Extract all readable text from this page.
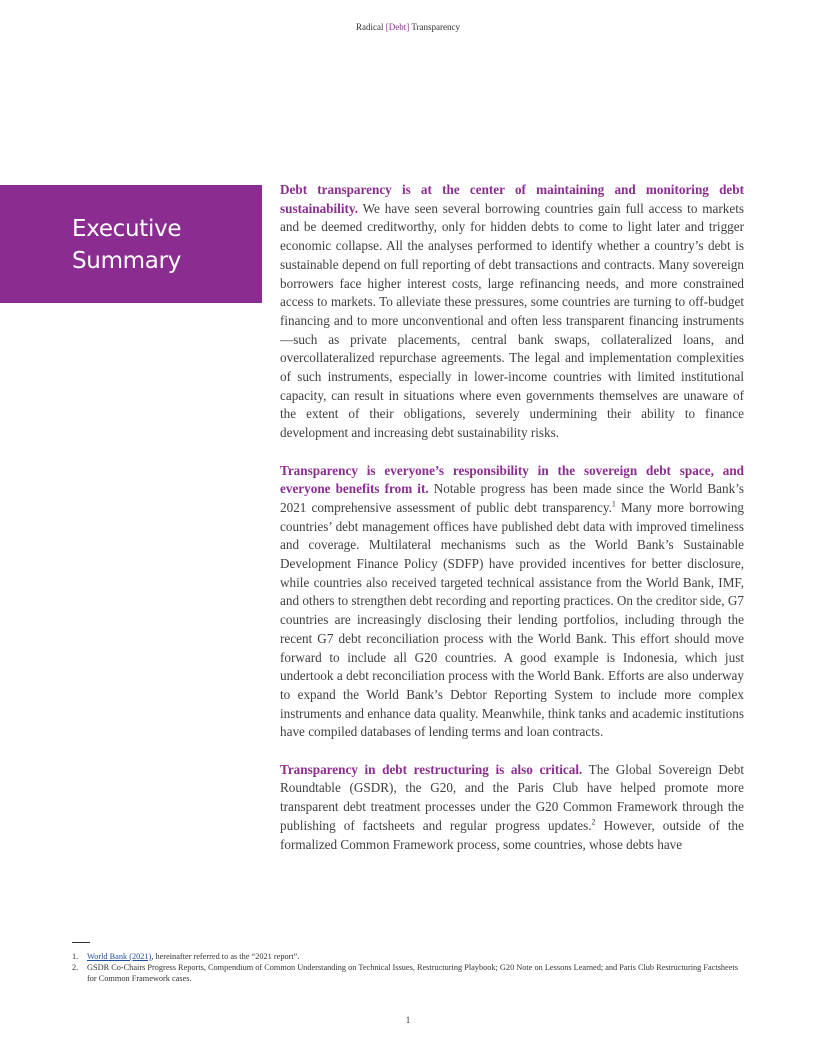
Radical [Debt] Transparency
Executive
Summary

Debt transparency is at the center of maintaining and monitoring debt sustainability. We have seen several borrowing countries gain full access to markets and be deemed creditworthy, only for hidden debts to come to light later and trigger economic collapse. All the analyses performed to identify whether a country’s debt is sustainable depend on full reporting of debt transactions and contracts. Many sovereign borrowers face higher interest costs, large refinancing needs, and more constrained access to markets. To alleviate these pressures, some countries are turning to off-budget financing and to more unconventional and often less transparent financing instruments—such as private placements, central bank swaps, collateralized loans, and overcollateralized repurchase agreements. The legal and implementation complexities of such instruments, especially in lower-income countries with limited institutional capacity, can result in situations where even governments themselves are unaware of the extent of their obligations, severely undermining their ability to finance development and increasing debt sustainability risks.

Transparency is everyone’s responsibility in the sovereign debt space, and everyone benefits from it. Notable progress has been made since the World Bank’s 2021 comprehensive assessment of public debt transparency.$^1$ Many more borrowing countries’ debt management offices have published debt data with improved timeliness and coverage. Multilateral mechanisms such as the World Bank’s Sustainable Development Finance Policy (SDFP) have provided incentives for better disclosure, while countries also received targeted technical assistance from the World Bank, IMF, and others to strengthen debt recording and reporting practices. On the creditor side, G7 countries are increasingly disclosing their lending portfolios, including through the recent G7 debt reconciliation process with the World Bank. This effort should move forward to include all G20 countries. A good example is Indonesia, which just undertook a debt reconciliation process with the World Bank. Efforts are also underway to expand the World Bank’s Debtor Reporting System to include more complex instruments and enhance data quality. Meanwhile, think tanks and academic institutions have compiled databases of lending terms and loan contracts.

Transparency in debt restructuring is also critical. The Global Sovereign Debt Roundtable (GSDR), the G20, and the Paris Club have helped promote more transparent debt treatment processes under the G20 Common Framework through the publishing of factsheets and regular progress updates.$^2$ However, outside of the formalized Common Framework process, some countries, whose debts have

1.	World Bank (2021), hereinafter referred to as the “2021 report”.
2.	GSDR Co-Chairs Progress Reports, Compendium of Common Understanding on Technical Issues, Restructuring Playbook; G20 Note on Lessons Learned; and Paris Club Restructuring Factsheets for Common Framework cases.
1
